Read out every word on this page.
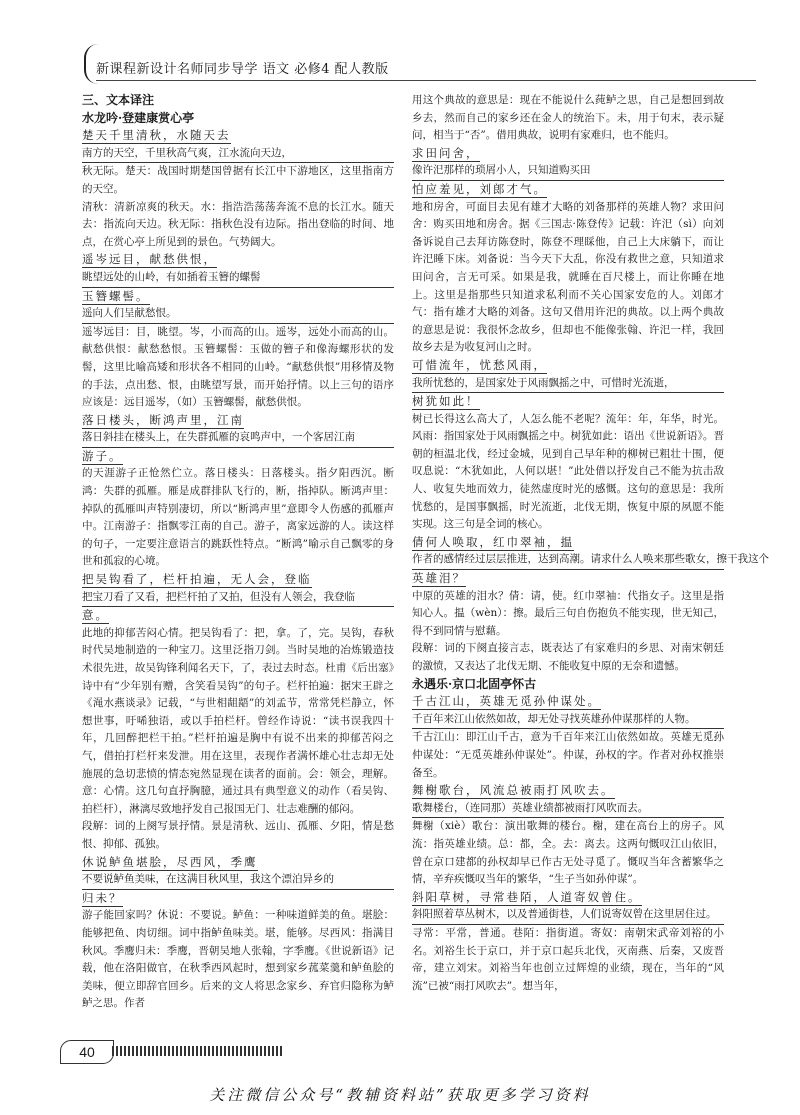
新课程新设计名师同步导学 语文 必修4 配人教版

三、文本译注

水龙吟·登建康赏心亭

楚天千里清秋，水随天去

南方的天空，千里秋高气爽，江水流向天边，

秋无际。楚天：战国时期楚国曾据有长江中下游地区，这里指南方的天空。

清秋：清新凉爽的秋天。水：指浩浩荡荡奔流不息的长江水。随天去：指流向天边。秋无际：指秋色没有边际。指出登临的时间、地点，在赏心亭上所见到的景色。气势阔大。

遥岑远目，献愁供恨，

眺望远处的山岭，有如插着玉簪的螺髻

玉簪螺髻。

遥向人们呈献愁恨。

遥岑远目：目，眺望。岑，小而高的山。遥岑，远处小而高的山。献愁供恨：献愁愁恨。玉簪螺髻：玉做的簪子和像海螺形状的发髻，这里比喻高矮和形状各不相同的山岭。“献愁供恨”用移情及物的手法，点出愁、恨，由眺望写景，而开始抒情。以上三句的语序应该是：远目遥岑，（如）玉簪螺髻，献愁供恨。

落日楼头，断鸿声里，江南

落日斜挂在楼头上，在失群孤雁的哀鸣声中，一个客居江南

游子。

的天涯游子正怆然伫立。落日楼头：日落楼头。指夕阳西沉。断鸿：失群的孤雁。雁是成群排队飞行的，断，指掉队。断鸿声里：掉队的孤雁叫声特别凄切，所以“断鸿声里”意即令人伤感的孤雁声中。江南游子：指飘零江南的自己。游子，离家远游的人。读这样的句子，一定要注意语言的跳跃性特点。“断鸿”喻示自己飘零的身世和孤寂的心境。

把吴钩看了，栏杆拍遍，无人会，登临

把宝刀看了又看，把栏杆拍了又拍，但没有人领会，我登临

意。

此地的抑郁苦闷心情。把吴钩看了：把，拿。了，完。吴钩，春秋时代吴地制造的一种宝刀。这里泛指刀剑。当时吴地的冶炼锻造技术很先进，故吴钩锋利闻名天下，了，表过去时态。杜甫《后出塞》诗中有“少年别有赠，含笑看吴钩”的句子。栏杆拍遍：据宋王辟之《渑水燕谈录》记载，“与世相龃龉”的刘孟节，常常凭栏静立，怀想世事，吁唏独语，或以手拍栏杆。曾经作诗说：“读书误我四十年，几回醉把栏干拍。”栏杆拍遍是胸中有说不出来的抑郁苦闷之气，借拍打栏杆来发泄。用在这里，表现作者满怀雄心壮志却无处施展的急切悲愤的情态宛然显现在读者的面前。会：领会，理解。意：心情。这几句直抒胸臆，通过具有典型意义的动作（看吴钩、拍栏杆），淋漓尽致地抒发自己报国无门、壮志难酬的郁闷。

段解：词的上阕写景抒情。景是清秋、远山、孤雁、夕阳，情是愁恨、抑郁、孤独。

休说鲈鱼堪脍，尽西风，季鹰

不要说鲈鱼美味，在这满目秋风里，我这个漂泊异乡的

归未？

游子能回家吗？休说：不要说。鲈鱼：一种味道鲜美的鱼。堪脍：能够把鱼、肉切细。词中指鲈鱼味美。堪，能够。尽西风：指满目秋风。季鹰归未：季鹰，晋朝吴地人张翰，字季鹰。《世说新语》记载，他在洛阳做官，在秋季西风起时，想到家乡菰菜羹和鲈鱼脍的美味，便立即辞官回乡。后来的文人将思念家乡、弃官归隐称为鲈鲈之思。作者

用这个典故的意思是：现在不能说什么莼鲈之思，自己是想回到故乡去，然而自己的家乡还在金人的统治下。未，用于句末，表示疑问，相当于“否”。借用典故，说明有家难归，也不能归。

求田问舍，

像许汜那样的琐屑小人，只知道购买田

怕应羞见，刘郎才气。

地和房舍，可面目去见有雄才大略的刘备那样的英雄人物？求田问舍：购买田地和房舍。据《三国志·陈登传》记载：许汜（sì）向刘备诉说自己去拜访陈登时，陈登不理睬他，自己上大床躺下，而让许汜睡下床。刘备说：当今天下大乱，你没有救世之意，只知道求田问舍，言无可采。如果是我，就睡在百尺楼上，而让你睡在地上。这里是指那些只知道求私利而不关心国家安危的人。刘郎才气：指有雄才大略的刘备。这句又借用许汜的典故。以上两个典故的意思是说：我很怀念故乡，但却也不能像张翰、许汜一样，我回故乡去是为收复河山之时。

可惜流年，忧愁风雨，

我所忧愁的，是国家处于风雨飘摇之中，可惜时光流逝，

树犹如此！

树已长得这么高大了，人怎么能不老呢？流年：年，年华，时光。风雨：指国家处于风雨飘摇之中。树犹如此：语出《世说新语》。晋朝的桓温北伐，经过金城，见到自己早年种的柳树已粗壮十围，便叹息说：“木犹如此，人何以堪！”此处借以抒发自己不能为抗击敌人、收复失地而效力，徒然虚度时光的感慨。这句的意思是：我所忧愁的，是国事飘摇，时光流逝，北伐无期，恢复中原的夙愿不能实现。这三句是全词的核心。

倩何人唤取，红巾翠袖，揾

作者的感情经过层层推进，达到高潮。请求什么人唤来那些歌女，擦干我这个

英雄泪？

中原的英雄的泪水？倩：请，使。红巾翠袖：代指女子。这里是指知心人。揾（wèn）：擦。最后三句自伤抱负不能实现，世无知己，得不到同情与慰藉。

段解：词的下阕直接言志，既表达了有家难归的乡思、对南宋朝廷的激愤，又表达了北伐无期、不能收复中原的无奈和遗憾。

永遇乐·京口北固亭怀古

千古江山，英雄无觅孙仲谋处。

千百年来江山依然如故，却无处寻找英雄孙仲谋那样的人物。

千古江山：即江山千古，意为千百年来江山依然如故。英雄无觅孙仲谋处：“无觅英雄孙仲谋处”。仲谋，孙权的字。作者对孙权推崇备至。

舞榭歌台，风流总被雨打风吹去。

歌舞楼台，（连同那）英雄业绩都被雨打风吹而去。

舞榭（xiè）歌台：演出歌舞的楼台。榭，建在高台上的房子。风流：指英雄业绩。总：都，全。去：离去。这两句慨叹江山依旧，曾在京口建都的孙权却早已作古无处寻觅了。慨叹当年含蓄繁华之情，辛弃疾慨叹当年的繁华，“生子当如孙仲谋”。

斜阳草树，寻常巷陌，人道寄奴曾住。

斜阳照着草丛树木，以及普通街巷，人们说寄奴曾在这里居住过。

寻常：平常，普通。巷陌：指街道。寄奴：南朝宋武帝刘裕的小名。刘裕生长于京口，并于京口起兵北伐，灭南燕、后秦，又废晋帝，建立刘宋。刘裕当年也创立过辉煌的业绩，现在，当年的“风流”已被“雨打风吹去”。想当年，

40
关注微信公众号“教辅资料站”获取更多学习资料
